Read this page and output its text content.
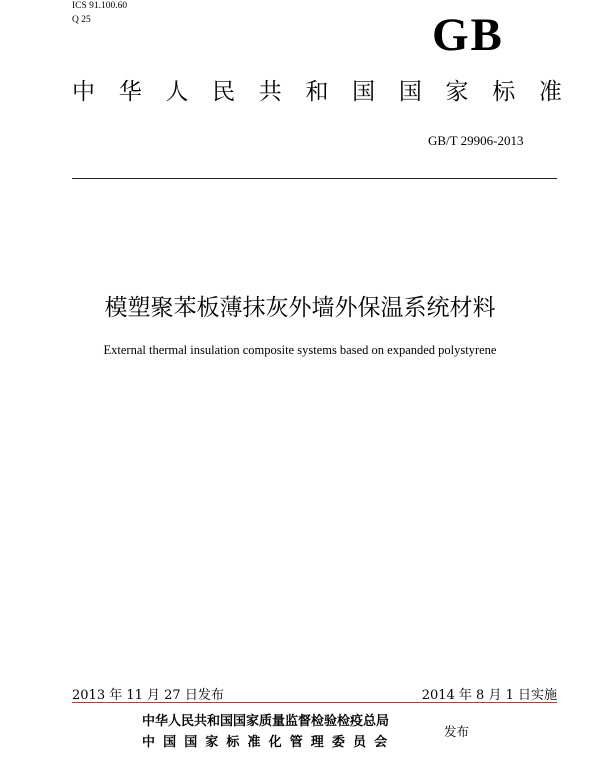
ICS 91.100.60
Q 25	GB
中 华 人 民 共 和 国 国 家 标 准
GB/T 29906-2013
模塑聚苯板薄抹灰外墙外保温系统材料
External thermal insulation composite systems based on expanded polystyrene
2013 年 11 月 27 日发布	2014 年 8 月 1 日实施
中华人民共和国国家质量监督检验检疫总局
中国国家标准化管理委员会
发布
